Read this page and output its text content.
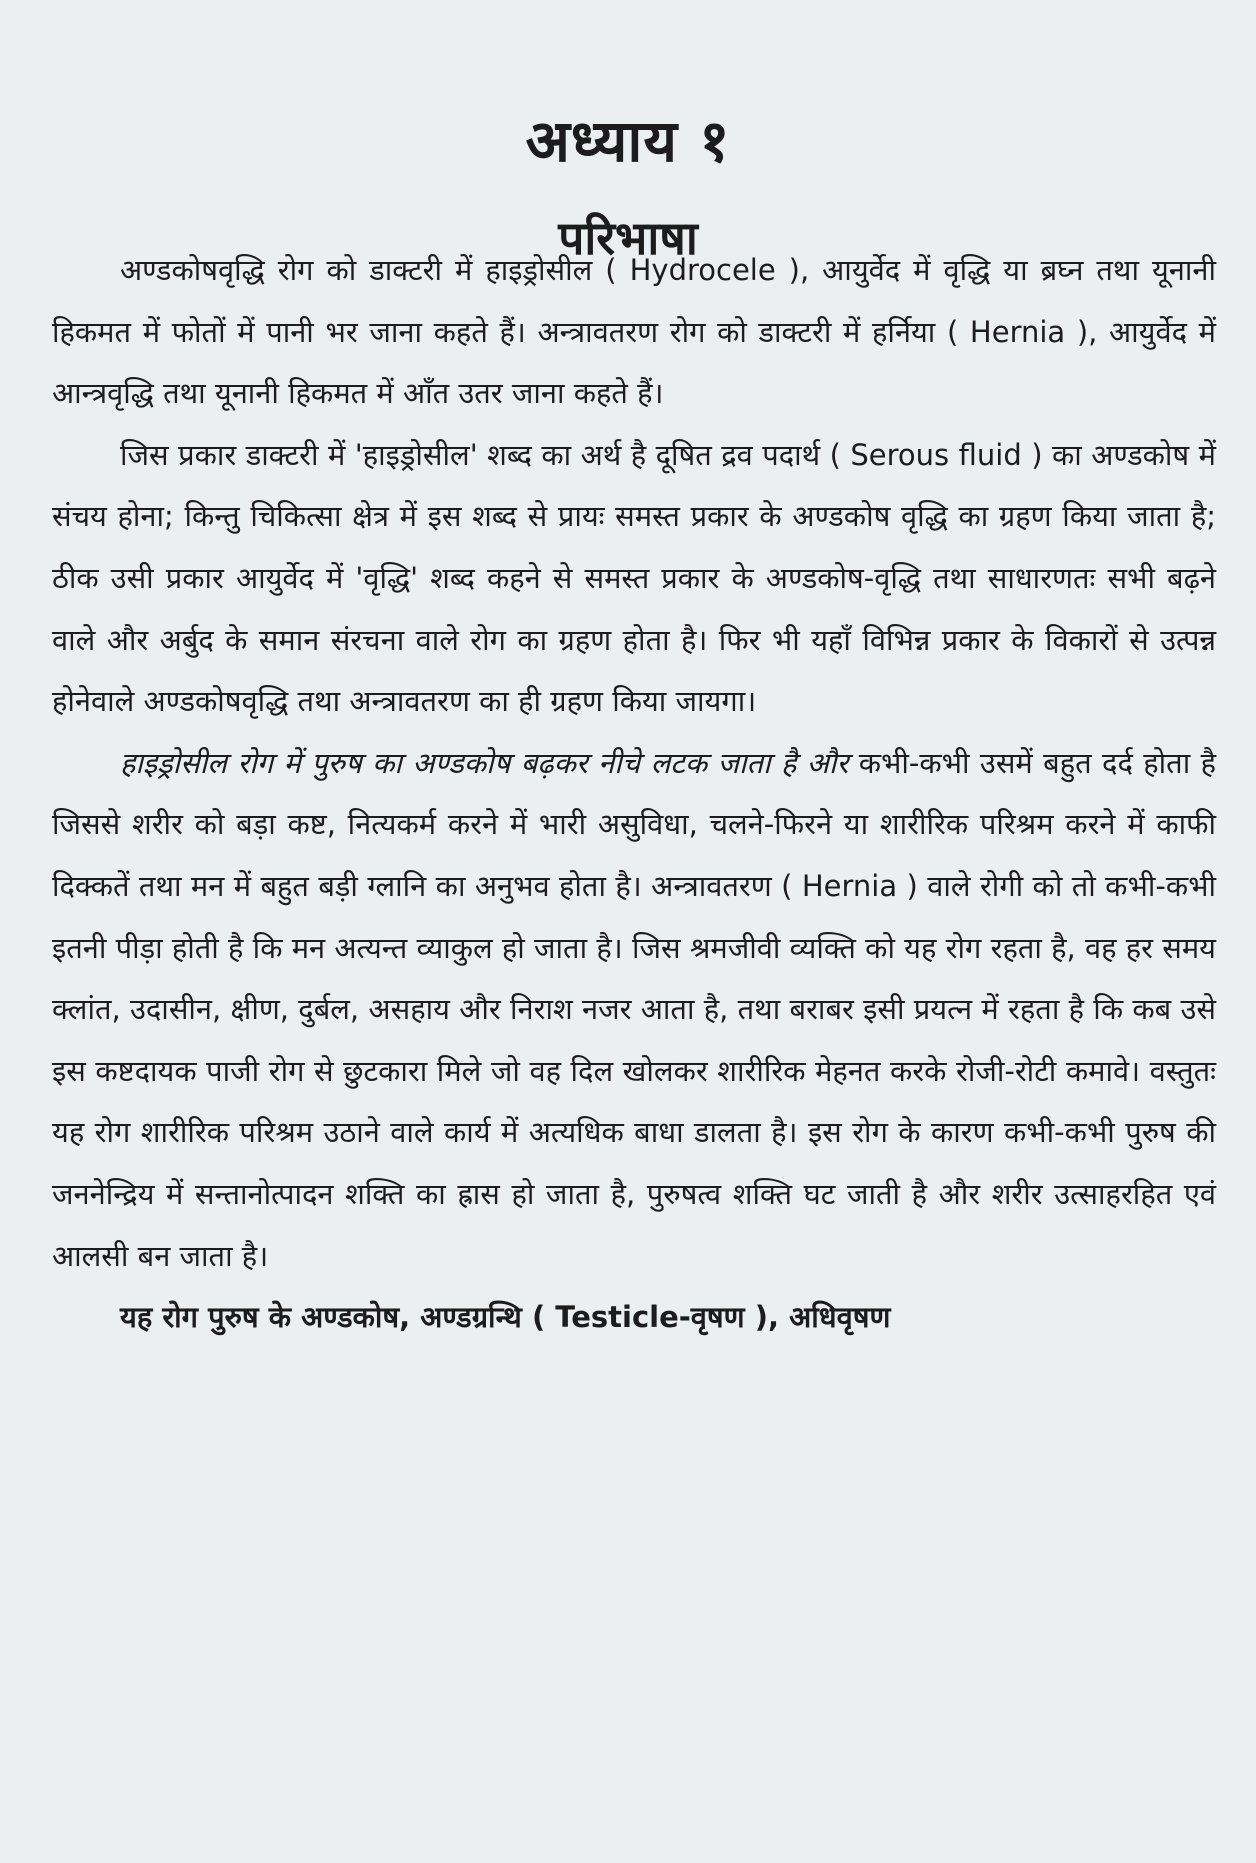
अध्याय १
परिभाषा

अण्डकोषवृद्धि रोग को डाक्टरी में हाइड्रोसील ( Hydrocele ), आयुर्वेद में वृद्धि या ब्रघ्न तथा यूनानी हिकमत में फोतों में पानी भर जाना कहते हैं। अन्त्रावतरण रोग को डाक्टरी में हर्निया ( Hernia ), आयुर्वेद में आन्त्रवृद्धि तथा यूनानी हिकमत में आँत उतर जाना कहते हैं।

जिस प्रकार डाक्टरी में 'हाइड्रोसील' शब्द का अर्थ है दूषित द्रव पदार्थ ( Serous fluid ) का अण्डकोष में संचय होना; किन्तु चिकित्सा क्षेत्र में इस शब्द से प्रायः समस्त प्रकार के अण्डकोष वृद्धि का ग्रहण किया जाता है; ठीक उसी प्रकार आयुर्वेद में 'वृद्धि' शब्द कहने से समस्त प्रकार के अण्डकोष-वृद्धि तथा साधारणतः सभी बढ़ने वाले और अर्बुद के समान संरचना वाले रोग का ग्रहण होता है। फिर भी यहाँ विभिन्न प्रकार के विकारों से उत्पन्न होनेवाले अण्डकोषवृद्धि तथा अन्त्रावतरण का ही ग्रहण किया जायगा।

हाइड्रोसील रोग में पुरुष का अण्डकोष बढ़कर नीचे लटक जाता है और कभी-कभी उसमें बहुत दर्द होता है जिससे शरीर को बड़ा कष्ट, नित्यकर्म करने में भारी असुविधा, चलने-फिरने या शारीरिक परिश्रम करने में काफी दिक्कतें तथा मन में बहुत बड़ी ग्लानि का अनुभव होता है। अन्त्रावतरण ( Hernia ) वाले रोगी को तो कभी-कभी इतनी पीड़ा होती है कि मन अत्यन्त व्याकुल हो जाता है। जिस श्रमजीवी व्यक्ति को यह रोग रहता है, वह हर समय क्लांत, उदासीन, क्षीण, दुर्बल, असहाय और निराश नजर आता है, तथा बराबर इसी प्रयत्न में रहता है कि कब उसे इस कष्टदायक पाजी रोग से छुटकारा मिले जो वह दिल खोलकर शारीरिक मेहनत करके रोजी-रोटी कमावे। वस्तुतः यह रोग शारीरिक परिश्रम उठाने वाले कार्य में अत्यधिक बाधा डालता है। इस रोग के कारण कभी-कभी पुरुष की जननेन्द्रिय में सन्तानोत्पादन शक्ति का ह्रास हो जाता है, पुरुषत्व शक्ति घट जाती है और शरीर उत्साहरहित एवं आलसी बन जाता है।

यह रोग पुरुष के अण्डकोष, अण्डग्रन्थि ( Testicle-वृषण ), अधिवृषण
